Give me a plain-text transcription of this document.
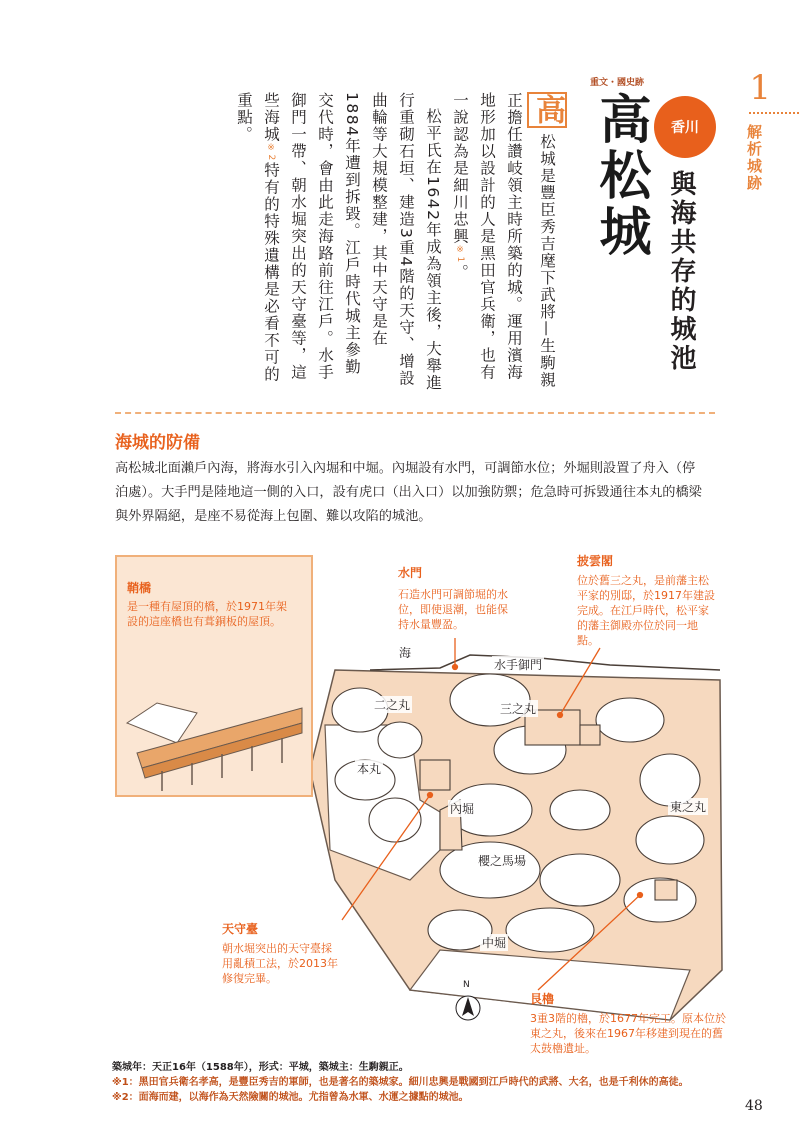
1
解析城跡
重文・國史跡
高松城	香川
與海共存的城池

高松城是豐臣秀吉麾下武將—生駒親正擔任讚岐領主時所築的城。運用濱海地形加以設計的人是黑田官兵衛，也有一說認為是細川忠興※1。

松平氏在1642年成為領主後，大舉進行重砌石垣、建造3重4階的天守、增設曲輪等大規模整建，其中天守是在1884年遭到拆毀。江戶時代城主參勤交代時，會由此走海路前往江戶。水手御門一帶、朝水堀突出的天守臺等，這些海城※2特有的特殊遺構是必看不可的重點。

海城的防備
高松城北面瀨戶內海，將海水引入內堀和中堀。內堀設有水門，可調節水位；外堀則設置了舟入（停泊處）。大手門是陸地這一側的入口，設有虎口（出入口）以加強防禦；危急時可拆毀通往本丸的橋梁與外界隔絕，是座不易從海上包圍、難以攻陷的城池。
鞘橋
是一種有屋頂的橋，於1971年架設的這座橋也有葺銅板的屋頂。
水門
石造水門可調節堀的水位，即使退潮，也能保持水量豐盈。
披雲閣
位於舊三之丸，是前藩主松平家的別邸，於1917年建設完成。在江戶時代，松平家的藩主御殿亦位於同一地點。
天守臺
朝水堀突出的天守臺採用亂積工法，於2013年修復完畢。
艮櫓
3重3階的櫓，於1677年完工。原本位於東之丸，後來在1967年移建到現在的舊太鼓櫓遺址。
海
水手御門
二之丸	三之丸
本丸
內堀	東之丸
櫻之馬場
中堀
N
築城年：天正16年（1588年），形式：平城，築城主：生駒親正。
※1：黑田官兵衛名孝高，是豐臣秀吉的軍師，也是著名的築城家。細川忠興是戰國到江戶時代的武將、大名，也是千利休的高徒。
※2：面海而建，以海作為天然險關的城池。尤指曾為水軍、水運之據點的城池。
48
